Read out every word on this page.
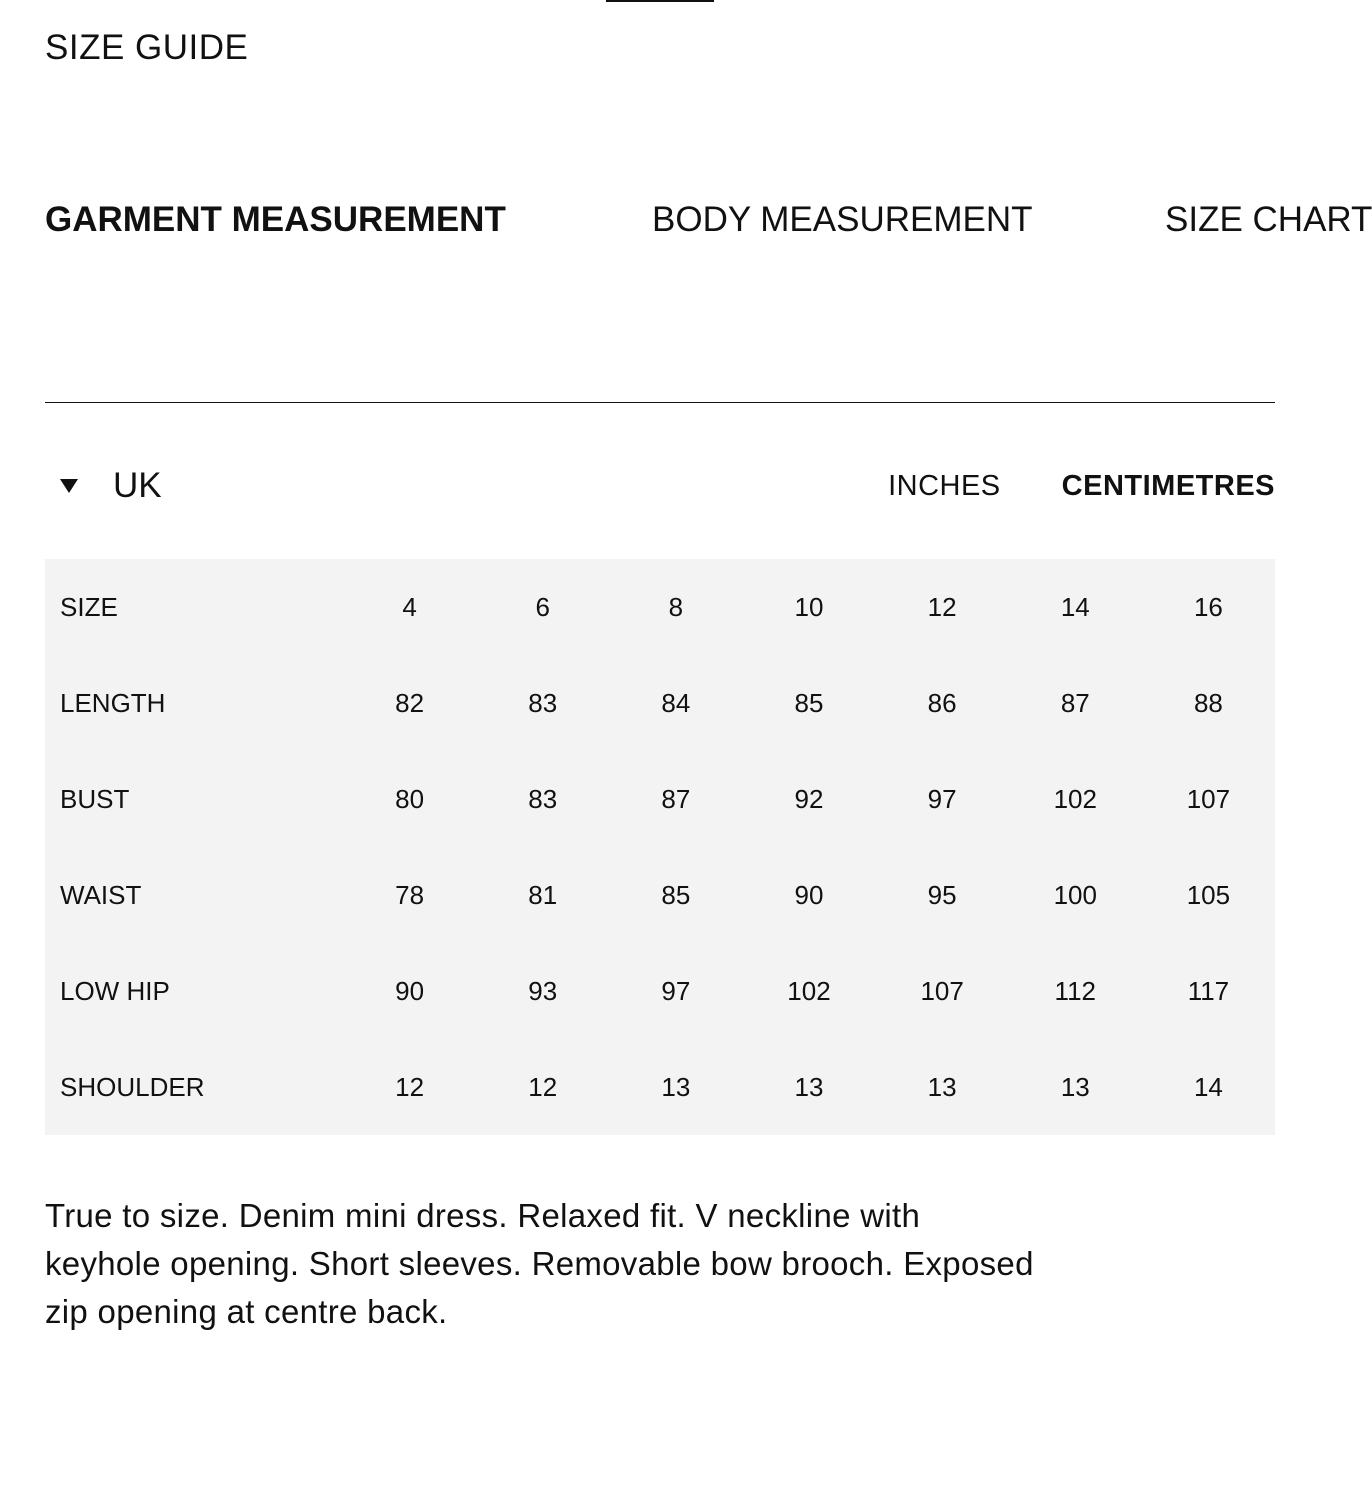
SIZE GUIDE
GARMENT MEASUREMENT	BODY MEASUREMENT	SIZE CHART
UK	INCHES CENTIMETRES
SIZE	4	6	8	10	12	14	16
LENGTH	82	83	84	85	86	87	88
BUST	80	83	87	92	97	102	107
WAIST	78	81	85	90	95	100	105
LOW HIP	90	93	97	102	107	112	117
SHOULDER	12	12	13	13	13	13	14
True to size. Denim mini dress. Relaxed fit. V neckline with keyhole opening. Short sleeves. Removable bow brooch. Exposed zip opening at centre back.
